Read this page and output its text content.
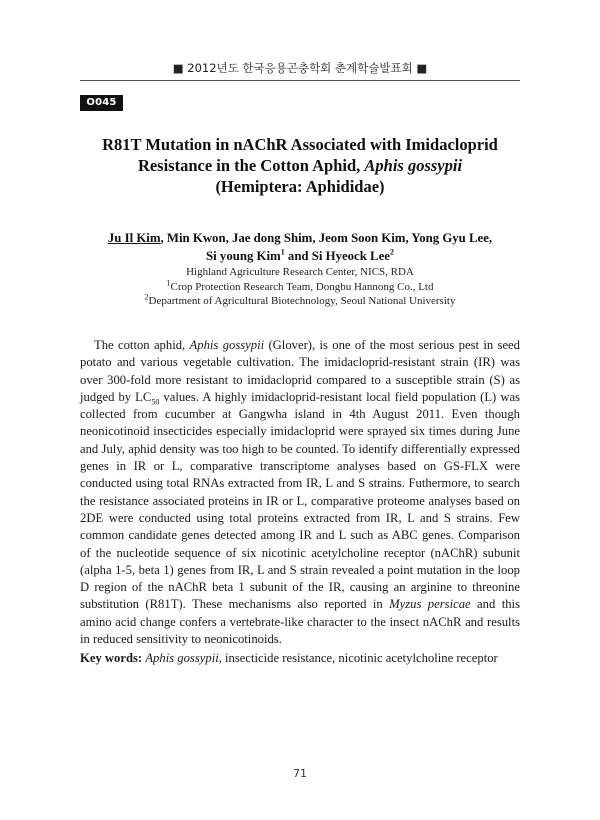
■ 2012년도 한국응용곤충학회 춘계학술발표회 ■
O045
R81T Mutation in nAChR Associated with Imidacloprid
Resistance in the Cotton Aphid, Aphis gossypii
(Hemiptera: Aphididae)
Ju Il Kim, Min Kwon, Jae dong Shim, Jeom Soon Kim, Yong Gyu Lee,
Si young Kim$^1$ and Si Hyeock Lee$^2$
Highland Agriculture Research Center, NICS, RDA
$^1$Crop Protection Research Team, Dongbu Hannong Co., Ltd
$^2$Department of Agricultural Biotechnology, Seoul National University
The cotton aphid, Aphis gossypii (Glover), is one of the most serious pest in seed potato and various vegetable cultivation. The imidacloprid-resistant strain (IR) was over 300-fold more resistant to imidacloprid compared to a susceptible strain (S) as judged by $LC_{50}$ values. A highly imidacloprid-resistant local field population (L) was collected from cucumber at Gangwha island in 4th August 2011. Even though neonicotinoid insecticides especially imidacloprid were sprayed six times during June and July, aphid density was too high to be counted. To identify differentially expressed genes in IR or L, comparative transcriptome analyses based on GS-FLX were conducted using total RNAs extracted from IR, L and S strains. Futhermore, to search the resistance associated proteins in IR or L, comparative proteome analyses based on 2DE were conducted using total proteins extracted from IR, L and S strains. Few common candidate genes detected among IR and L such as ABC genes. Comparison of the nucleotide sequence of six nicotinic acetylcholine receptor (nAChR) subunit (alpha 1-5, beta 1) genes from IR, L and S strain revealed a point mutation in the loop D region of the nAChR beta 1 subunit of the IR, causing an arginine to threonine substitution (R81T). These mechanisms also reported in Myzus persicae and this amino acid change confers a vertebrate-like character to the insect nAChR and results in reduced sensitivity to neonicotinoids.
Key words: Aphis gossypii, insecticide resistance, nicotinic acetylcholine receptor
71
